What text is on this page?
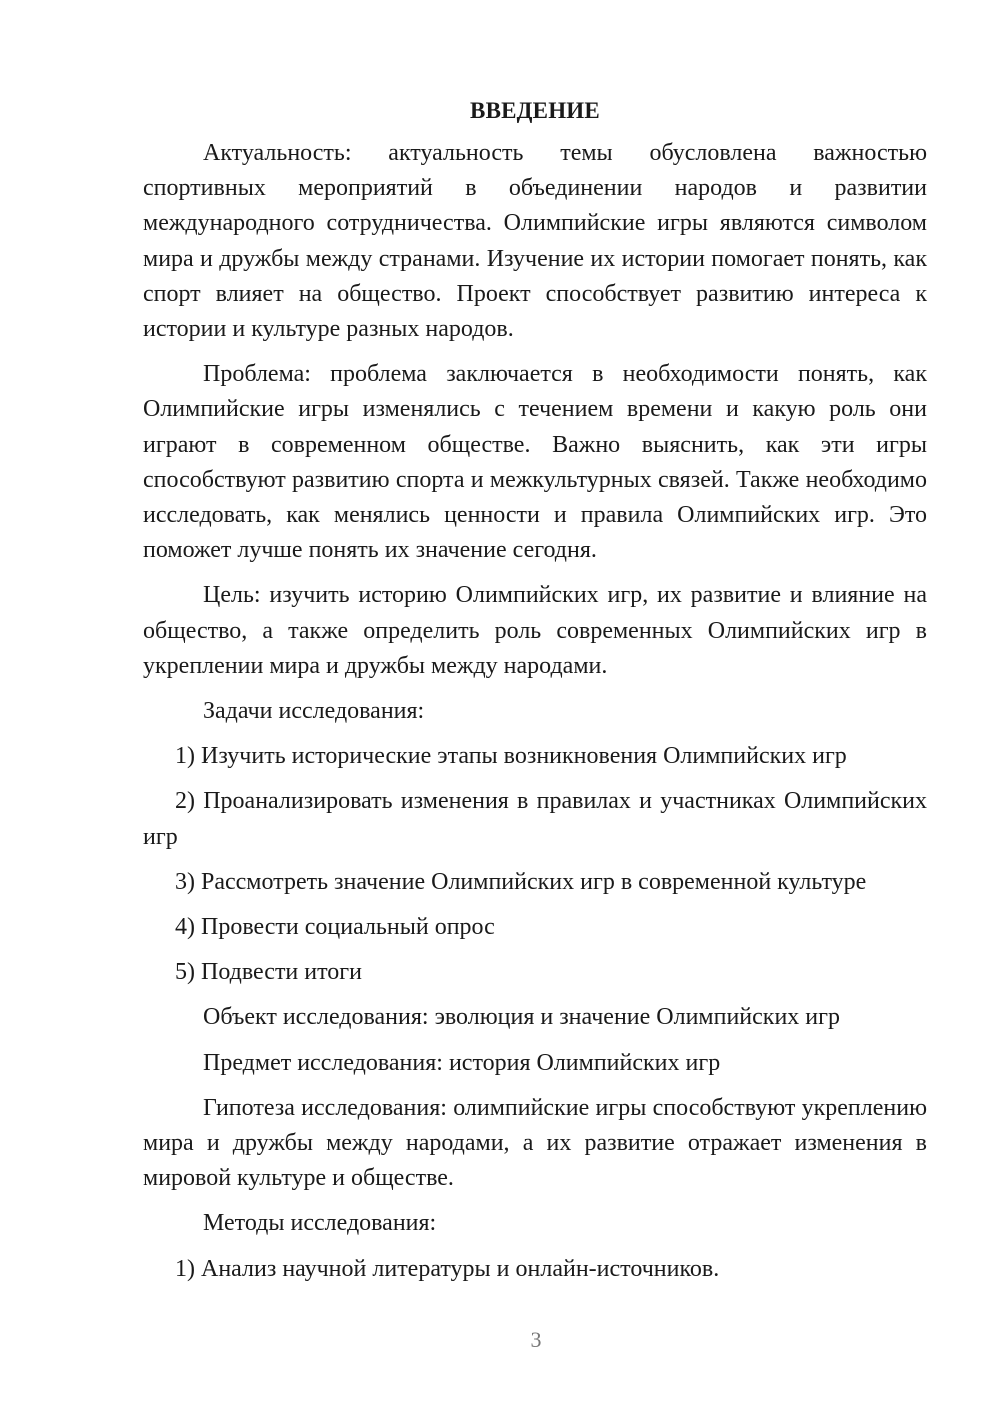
ВВЕДЕНИЕ

Актуальность: актуальность темы обусловлена важностью спортивных мероприятий в объединении народов и развитии международного сотрудничества. Олимпийские игры являются символом мира и дружбы между странами. Изучение их истории помогает понять, как спорт влияет на общество. Проект способствует развитию интереса к истории и культуре разных народов.

Проблема: проблема заключается в необходимости понять, как Олимпийские игры изменялись с течением времени и какую роль они играют в современном обществе. Важно выяснить, как эти игры способствуют развитию спорта и межкультурных связей. Также необходимо исследовать, как менялись ценности и правила Олимпийских игр. Это поможет лучше понять их значение сегодня.

Цель: изучить историю Олимпийских игр, их развитие и влияние на общество, а также определить роль современных Олимпийских игр в укреплении мира и дружбы между народами.

Задачи исследования:

1) Изучить исторические этапы возникновения Олимпийских игр

2) Проанализировать изменения в правилах и участниках Олимпийских игр

3) Рассмотреть значение Олимпийских игр в современной культуре

4) Провести социальный опрос

5) Подвести итоги

Объект исследования: эволюция и значение Олимпийских игр

Предмет исследования: история Олимпийских игр

Гипотеза исследования: олимпийские игры способствуют укреплению мира и дружбы между народами, а их развитие отражает изменения в мировой культуре и обществе.

Методы исследования:

1) Анализ научной литературы и онлайн-источников.

3
